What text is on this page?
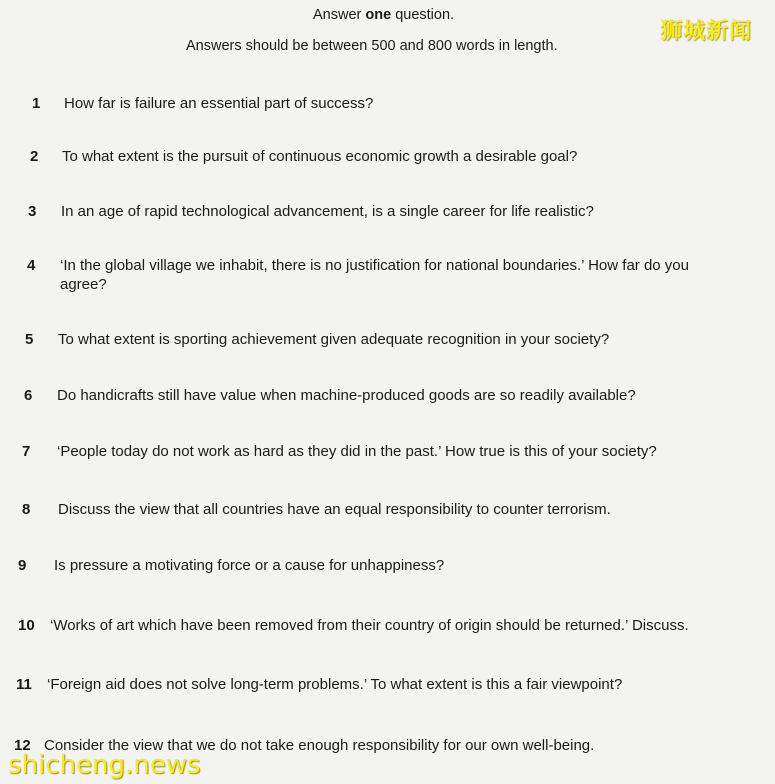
Answer one question.
Answers should be between 500 and 800 words in length.
1 How far is failure an essential part of success?
2 To what extent is the pursuit of continuous economic growth a desirable goal?
3 In an age of rapid technological advancement, is a single career for life realistic?
4 ‘In the global village we inhabit, there is no justification for national boundaries.’ How far do you
agree?
5 To what extent is sporting achievement given adequate recognition in your society?
6 Do handicrafts still have value when machine-produced goods are so readily available?
7 ‘People today do not work as hard as they did in the past.’ How true is this of your society?
8 Discuss the view that all countries have an equal responsibility to counter terrorism.
9 Is pressure a motivating force or a cause for unhappiness?
10 ‘Works of art which have been removed from their country of origin should be returned.’ Discuss.
11 ‘Foreign aid does not solve long-term problems.’ To what extent is this a fair viewpoint?
12 Consider the view that we do not take enough responsibility for our own well-being.
狮城新闻
shicheng.news
